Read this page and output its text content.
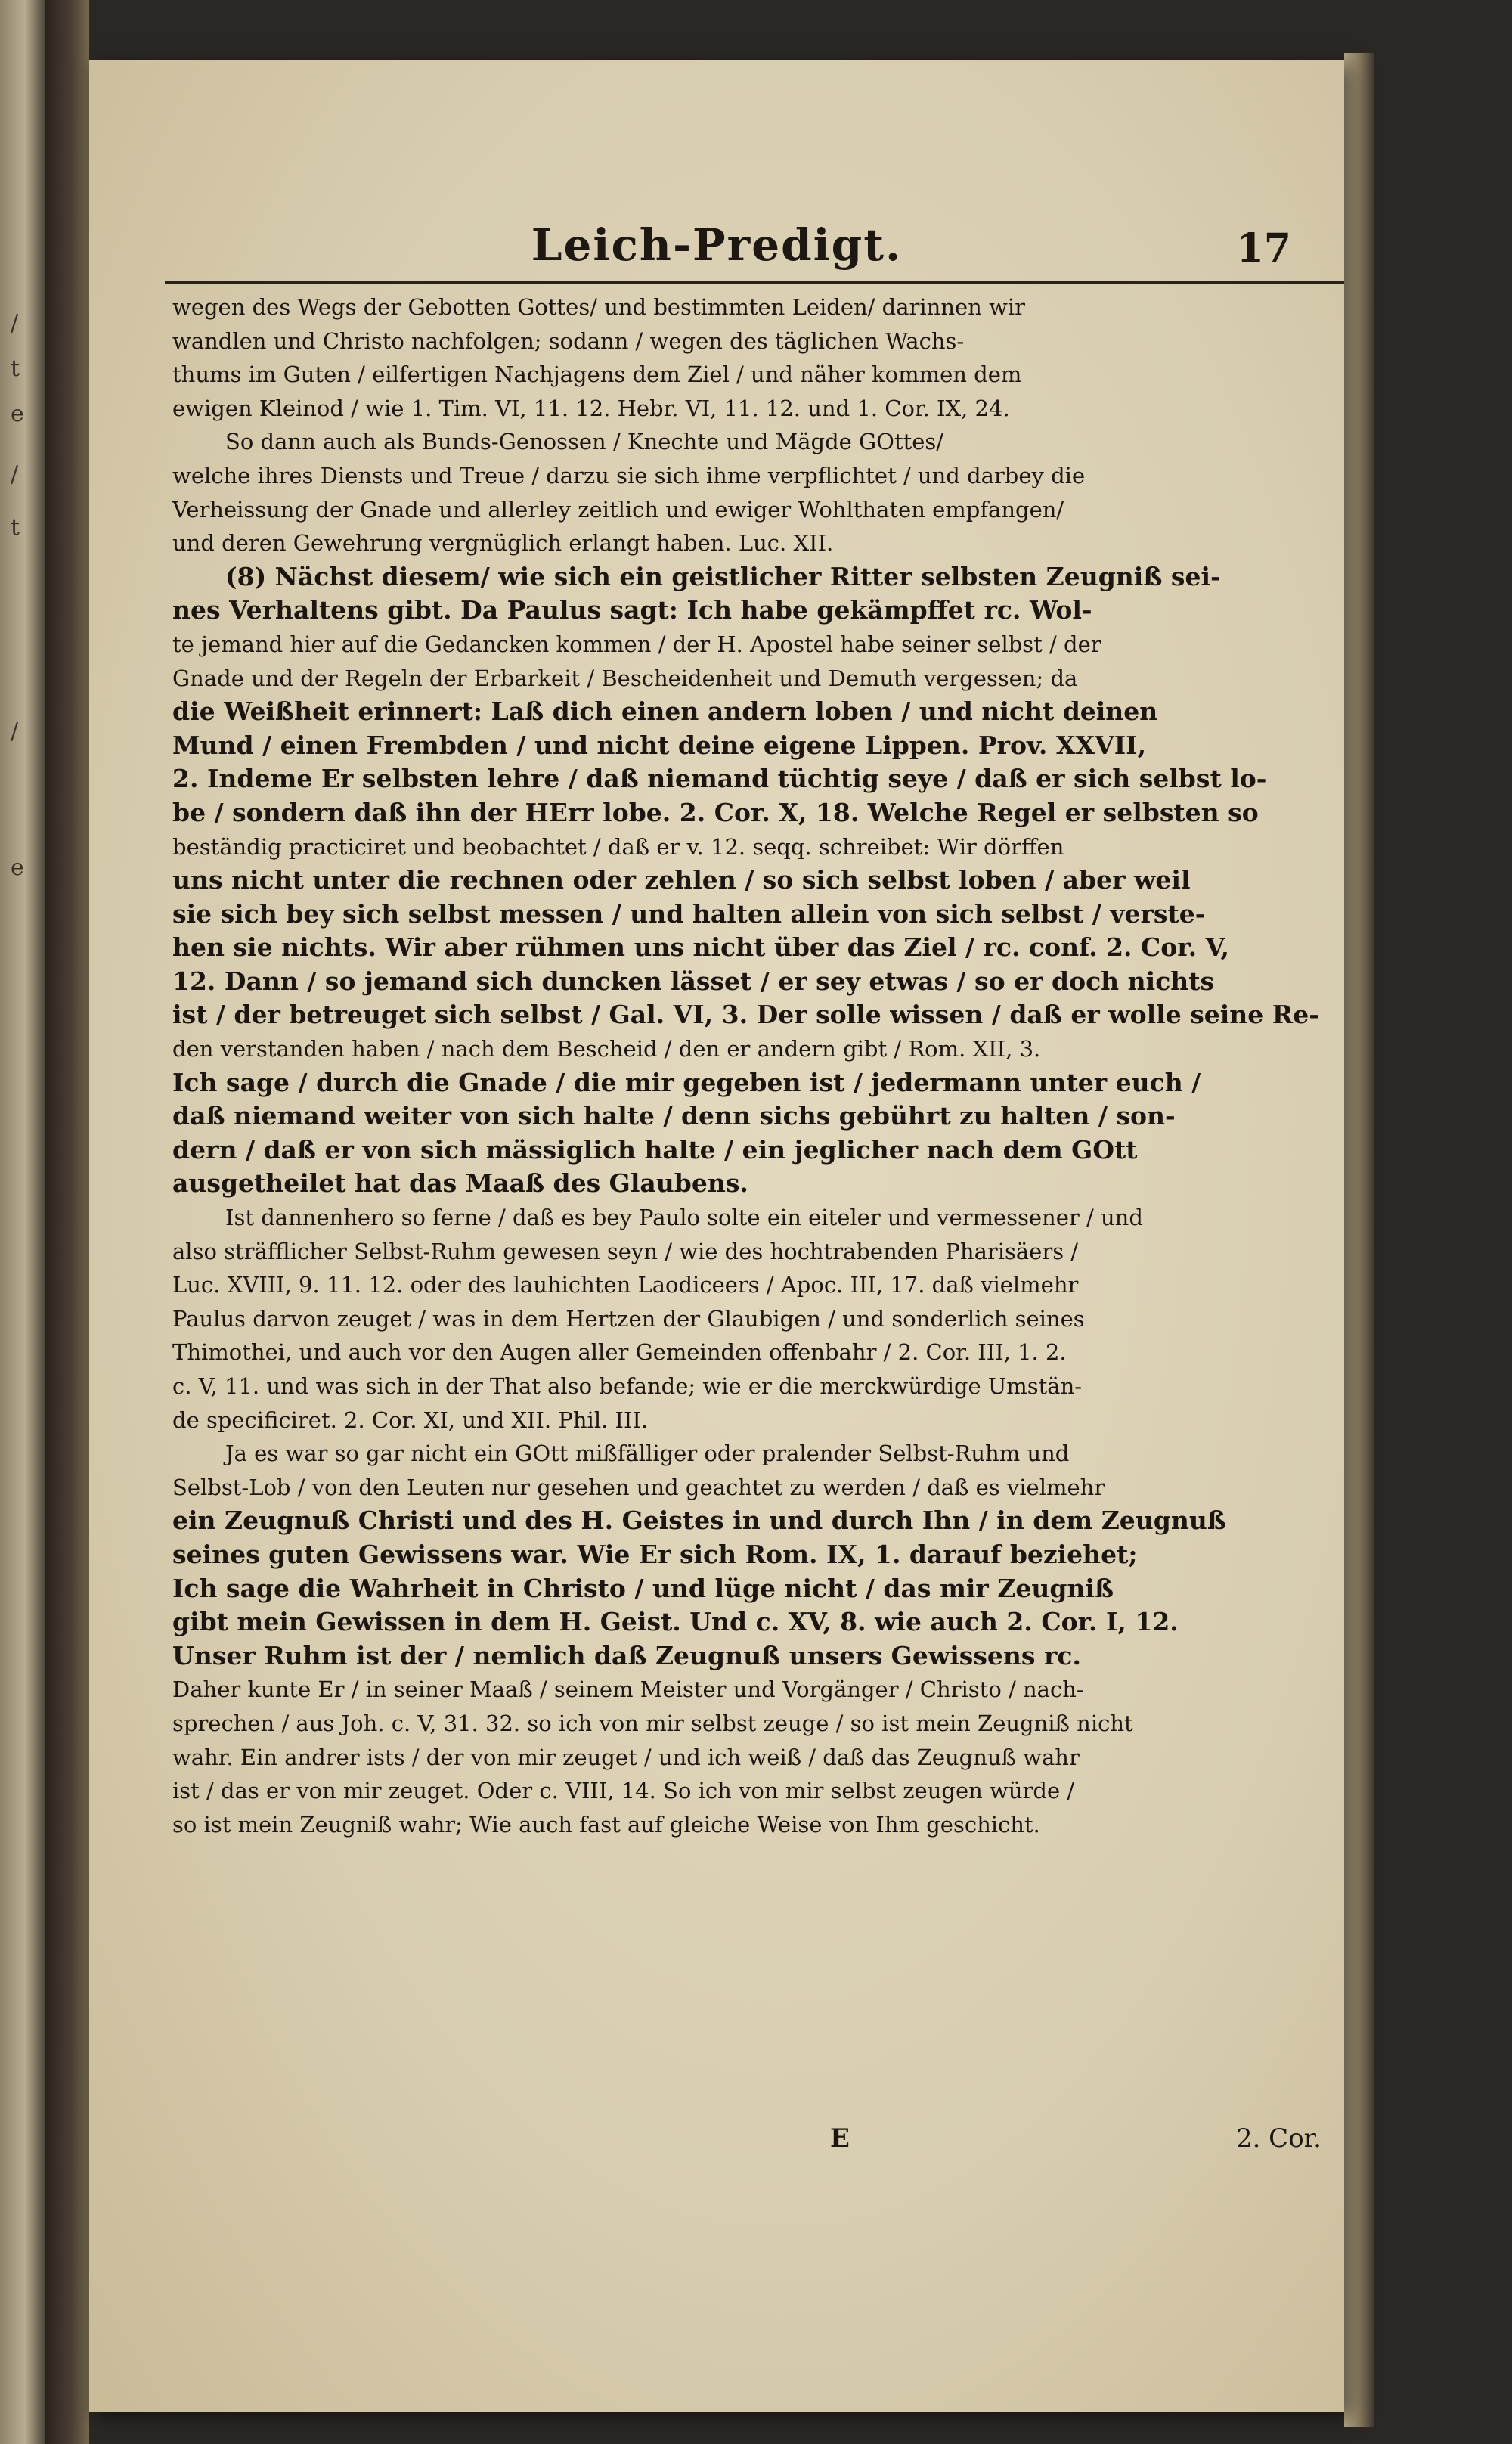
/
t
e
/
t
/
e
Leich-Predigt.	17
wegen des Wegs der Gebotten Gottes/ und bestimmten Leiden/ darinnen wir
wandlen und Christo nachfolgen; sodann / wegen des täglichen Wachs-
thums im Guten / eilfertigen Nachjagens dem Ziel / und näher kommen dem
ewigen Kleinod / wie 1. Tim. VI, 11. 12. Hebr. VI, 11. 12. und 1. Cor. IX, 24.
So dann auch als Bunds-Genossen / Knechte und Mägde GOttes/
welche ihres Diensts und Treue / darzu sie sich ihme verpflichtet / und darbey die
Verheissung der Gnade und allerley zeitlich und ewiger Wohlthaten empfangen/
und deren Gewehrung vergnüglich erlangt haben. Luc. XII.
(8) Nächst diesem/ wie sich ein geistlicher Ritter selbsten Zeugniß sei-
nes Verhaltens gibt. Da Paulus sagt: Ich habe gekämpffet rc. Wol-
te jemand hier auf die Gedancken kommen / der H. Apostel habe seiner selbst / der
Gnade und der Regeln der Erbarkeit / Bescheidenheit und Demuth vergessen; da
die Weißheit erinnert: Laß dich einen andern loben / und nicht deinen
Mund / einen Frembden / und nicht deine eigene Lippen. Prov. XXVII,
2. Indeme Er selbsten lehre / daß niemand tüchtig seye / daß er sich selbst lo-
be / sondern daß ihn der HErr lobe. 2. Cor. X, 18. Welche Regel er selbsten so
beständig practiciret und beobachtet / daß er v. 12. seqq. schreibet: Wir dörffen
uns nicht unter die rechnen oder zehlen / so sich selbst loben / aber weil
sie sich bey sich selbst messen / und halten allein von sich selbst / verste-
hen sie nichts. Wir aber rühmen uns nicht über das Ziel / rc. conf. 2. Cor. V,
12. Dann / so jemand sich duncken lässet / er sey etwas / so er doch nichts
ist / der betreuget sich selbst / Gal. VI, 3. Der solle wissen / daß er wolle seine Re-
den verstanden haben / nach dem Bescheid / den er andern gibt / Rom. XII, 3.
Ich sage / durch die Gnade / die mir gegeben ist / jedermann unter euch /
daß niemand weiter von sich halte / denn sichs gebührt zu halten / son-
dern / daß er von sich mässiglich halte / ein jeglicher nach dem GOtt
ausgetheilet hat das Maaß des Glaubens.
Ist dannenhero so ferne / daß es bey Paulo solte ein eiteler und vermessener / und
also sträfflicher Selbst-Ruhm gewesen seyn / wie des hochtrabenden Pharisäers /
Luc. XVIII, 9. 11. 12. oder des lauhichten Laodiceers / Apoc. III, 17. daß vielmehr
Paulus darvon zeuget / was in dem Hertzen der Glaubigen / und sonderlich seines
Thimothei, und auch vor den Augen aller Gemeinden offenbahr / 2. Cor. III, 1. 2.
c. V, 11. und was sich in der That also befande; wie er die merckwürdige Umstän-
de specificiret. 2. Cor. XI, und XII. Phil. III.
Ja es war so gar nicht ein GOtt mißfälliger oder pralender Selbst-Ruhm und
Selbst-Lob / von den Leuten nur gesehen und geachtet zu werden / daß es vielmehr
ein Zeugnuß Christi und des H. Geistes in und durch Ihn / in dem Zeugnuß
seines guten Gewissens war. Wie Er sich Rom. IX, 1. darauf beziehet;
Ich sage die Wahrheit in Christo / und lüge nicht / das mir Zeugniß
gibt mein Gewissen in dem H. Geist. Und c. XV, 8. wie auch 2. Cor. I, 12.
Unser Ruhm ist der / nemlich daß Zeugnuß unsers Gewissens rc.
Daher kunte Er / in seiner Maaß / seinem Meister und Vorgänger / Christo / nach-
sprechen / aus Joh. c. V, 31. 32. so ich von mir selbst zeuge / so ist mein Zeugniß nicht
wahr. Ein andrer ists / der von mir zeuget / und ich weiß / daß das Zeugnuß wahr
ist / das er von mir zeuget. Oder c. VIII, 14. So ich von mir selbst zeugen würde /
so ist mein Zeugniß wahr; Wie auch fast auf gleiche Weise von Ihm geschicht.
E	2. Cor.
